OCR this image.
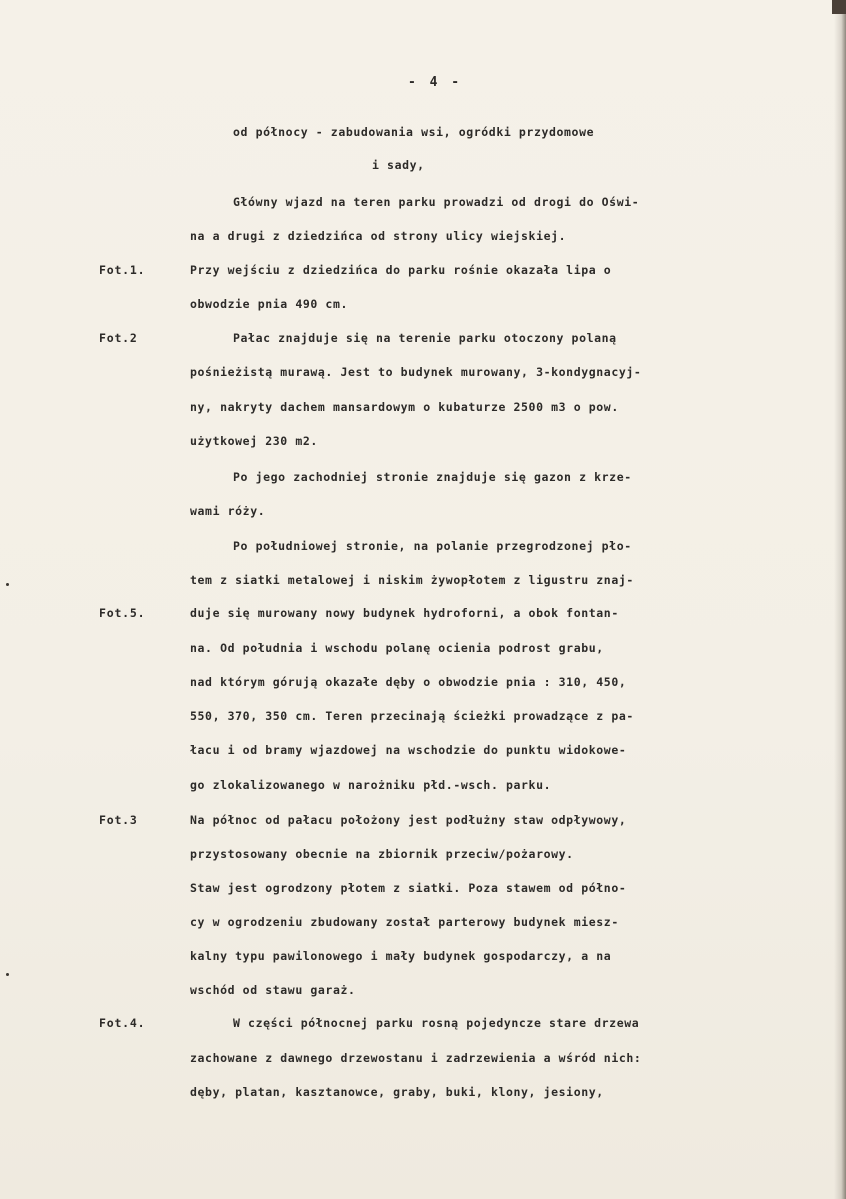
- 4 -
Fot.1.
Fot.2
Fot.5.
Fot.3
Fot.4.
od północy - zabudowania wsi, ogródki przydomowe
i sady,
Główny wjazd na teren parku prowadzi od drogi do Oświ-
na a drugi z dziedzińca od strony ulicy wiejskiej.
Przy wejściu z dziedzińca do parku rośnie okazała lipa o
obwodzie pnia 490 cm.
Pałac znajduje się na terenie parku otoczony polaną
pośnieżistą murawą. Jest to budynek murowany, 3-kondygnacyj-
ny, nakryty dachem mansardowym o kubaturze 2500 m3 o pow.
użytkowej 230 m2.
Po jego zachodniej stronie znajduje się gazon z krze-
wami róży.
Po południowej stronie, na polanie przegrodzonej pło-
tem z siatki metalowej i niskim żywopłotem z ligustru znaj-
duje się murowany nowy budynek hydroforni, a obok fontan-
na. Od południa i wschodu polanę ocienia podrost grabu,
nad którym górują okazałe dęby o obwodzie pnia : 310, 450,
550, 370, 350 cm. Teren przecinają ścieżki prowadzące z pa-
łacu i od bramy wjazdowej na wschodzie do punktu widokowe-
go zlokalizowanego w narożniku płd.-wsch. parku.
Na północ od pałacu położony jest podłużny staw odpływowy,
przystosowany obecnie na zbiornik przeciw/pożarowy.
Staw jest ogrodzony płotem z siatki. Poza stawem od półno-
cy w ogrodzeniu zbudowany został parterowy budynek miesz-
kalny typu pawilonowego i mały budynek gospodarczy, a na
wschód od stawu garaż.
W części północnej parku rosną pojedyncze stare drzewa
zachowane z dawnego drzewostanu i zadrzewienia a wśród nich:
dęby, platan, kasztanowce, graby, buki, klony, jesiony,
